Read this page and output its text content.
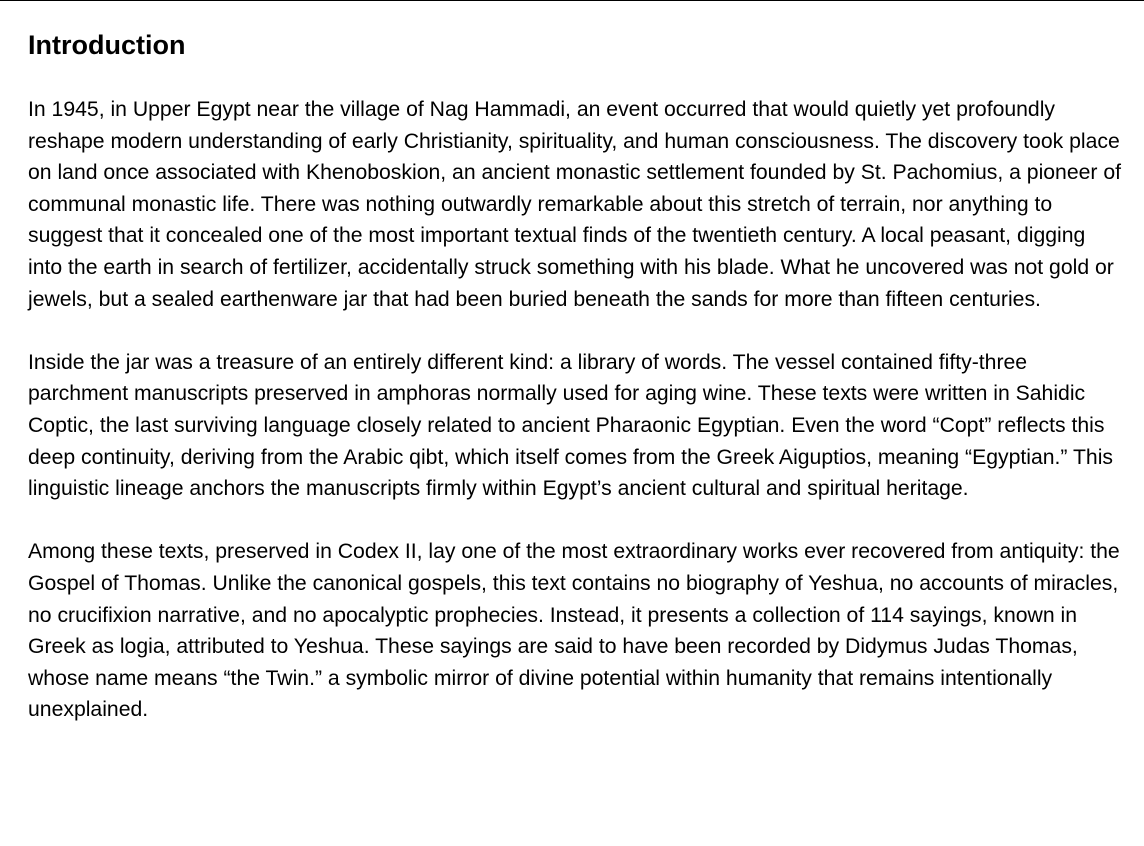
Introduction

In 1945, in Upper Egypt near the village of Nag Hammadi, an event occurred that would quietly yet profoundly reshape modern understanding of early Christianity, spirituality, and human consciousness. The discovery took place on land once associated with Khenoboskion, an ancient monastic settlement founded by St. Pachomius, a pioneer of communal monastic life. There was nothing outwardly remarkable about this stretch of terrain, nor anything to suggest that it concealed one of the most important textual finds of the twentieth century. A local peasant, digging into the earth in search of fertilizer, accidentally struck something with his blade. What he uncovered was not gold or jewels, but a sealed earthenware jar that had been buried beneath the sands for more than fifteen centuries.

Inside the jar was a treasure of an entirely different kind: a library of words. The vessel contained fifty-three parchment manuscripts preserved in amphoras normally used for aging wine. These texts were written in Sahidic Coptic, the last surviving language closely related to ancient Pharaonic Egyptian. Even the word “Copt” reflects this deep continuity, deriving from the Arabic qibt, which itself comes from the Greek Aiguptios, meaning “Egyptian.” This linguistic lineage anchors the manuscripts firmly within Egypt’s ancient cultural and spiritual heritage.

Among these texts, preserved in Codex II, lay one of the most extraordinary works ever recovered from antiquity: the Gospel of Thomas. Unlike the canonical gospels, this text contains no biography of Yeshua, no accounts of miracles, no crucifixion narrative, and no apocalyptic prophecies. Instead, it presents a collection of 114 sayings, known in Greek as logia, attributed to Yeshua. These sayings are said to have been recorded by Didymus Judas Thomas, whose name means “the Twin.” a symbolic mirror of divine potential within humanity that remains intentionally unexplained.
